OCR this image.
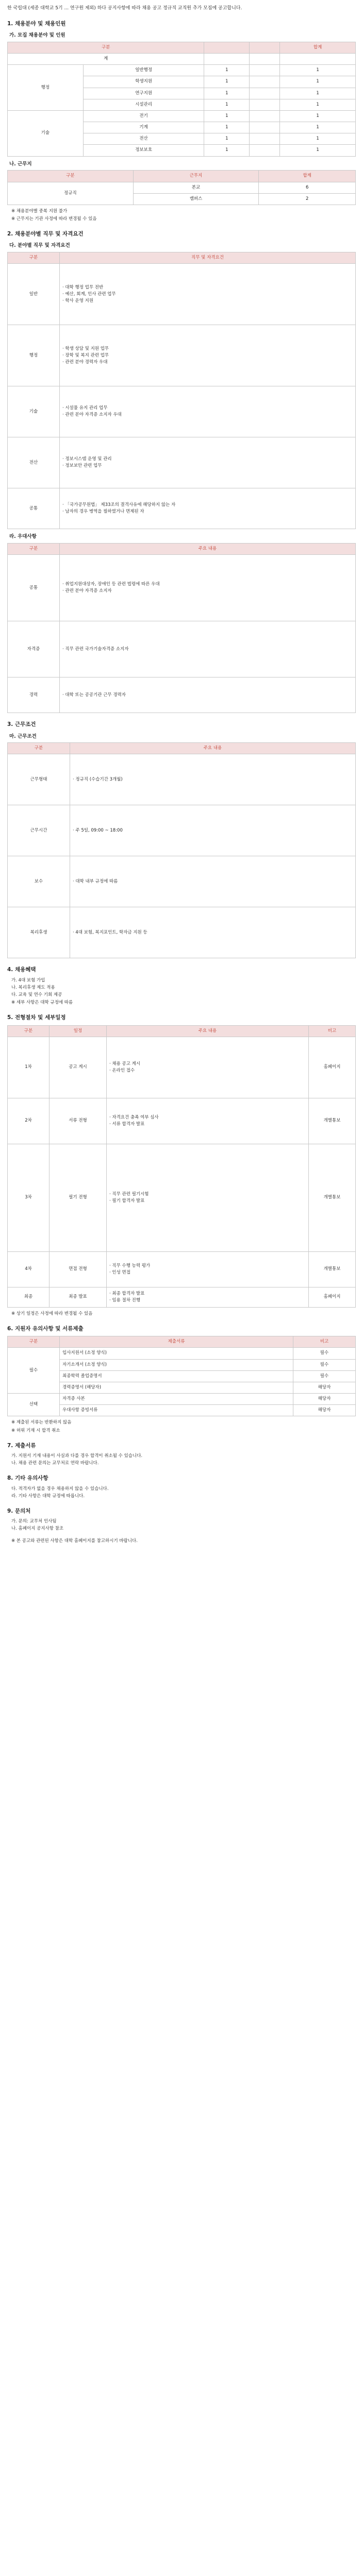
한 국립대 (세종 대학교 5기 ... 연구원 제외) 하다 공지사항에 따라 채용 공고 정규직 교직원 추가 모집에 공고합니다.

1. 채용분야 및 채용인원
가. 모집 채용분야 및 인원
구분				합계
계				
행정	일반행정	1		1
	학생지원	1		1
	연구지원	1		1
	시설관리	1		1
기술	전기	1		1
	기계	1		1
	전산	1		1
	정보보호	1		1
나. 근무지
구분	근무지	합계
정규직	본교	6
	캠퍼스	2
※ 채용분야별 중복 지원 불가
※ 근무지는 기관 사정에 따라 변경될 수 있음
2. 채용분야별 직무 및 자격요건
다. 분야별 직무 및 자격요건
구분	직무 및 자격요건
일반	· 대학 행정 업무 전반
· 예산, 회계, 인사 관련 업무
· 학사 운영 지원
행정	· 학생 상담 및 지원 업무
· 장학 및 복지 관련 업무
· 관련 분야 경력자 우대
기술	· 시설물 유지 관리 업무
· 관련 분야 자격증 소지자 우대
전산	· 정보시스템 운영 및 관리
· 정보보안 관련 업무
공통	· 「국가공무원법」 제33조의 결격사유에 해당하지 않는 자
· 남자의 경우 병역을 필하였거나 면제된 자
라. 우대사항
구분	주요 내용
공통	· 취업지원대상자, 장애인 등 관련 법령에 따른 우대
· 관련 분야 자격증 소지자
자격증	· 직무 관련 국가기술자격증 소지자
경력	· 대학 또는 공공기관 근무 경력자
3. 근무조건
마. 근무조건
구분	주요 내용
근무형태	· 정규직 (수습기간 3개월)
근무시간	· 주 5일, 09:00 ~ 18:00
보수	· 대학 내부 규정에 따름
복리후생	· 4대 보험, 복지포인트, 학자금 지원 등
4. 채용혜택
가. 4대 보험 가입
나. 복리후생 제도 적용
다. 교육 및 연수 기회 제공
※ 세부 사항은 대학 규정에 따름
5. 전형절차 및 세부일정
구분	일정	주요 내용	비고
1차	공고 게시	· 채용 공고 게시
· 온라인 접수	홈페이지
2차	서류 전형	· 자격요건 충족 여부 심사
· 서류 합격자 발표	개별통보
3차	필기 전형	· 직무 관련 필기시험
· 필기 합격자 발표	개별통보
4차	면접 전형	· 직무 수행 능력 평가
· 인성 면접	개별통보
최종	최종 발표	· 최종 합격자 발표
· 임용 절차 진행	홈페이지
※ 상기 일정은 사정에 따라 변경될 수 있음
6. 지원자 유의사항 및 서류제출
구분	제출서류	비고
필수	입사지원서 (소정 양식)	필수
	자기소개서 (소정 양식)	필수
	최종학력 졸업증명서	필수
	경력증명서 (해당자)	해당자
선택	자격증 사본	해당자
	우대사항 증빙서류	해당자
※ 제출된 서류는 반환하지 않음
※ 허위 기재 시 합격 취소
7. 제출서류
가. 지원서 기재 내용이 사실과 다를 경우 합격이 취소될 수 있습니다.
나. 채용 관련 문의는 교무처로 연락 바랍니다.
8. 기타 유의사항
다. 적격자가 없을 경우 채용하지 않을 수 있습니다.
라. 기타 사항은 대학 규정에 따릅니다.
9. 문의처
가. 문의: 교무처 인사팀
나. 홈페이지 공지사항 참조
※ 본 공고와 관련된 사항은 대학 홈페이지를 참고하시기 바랍니다.
